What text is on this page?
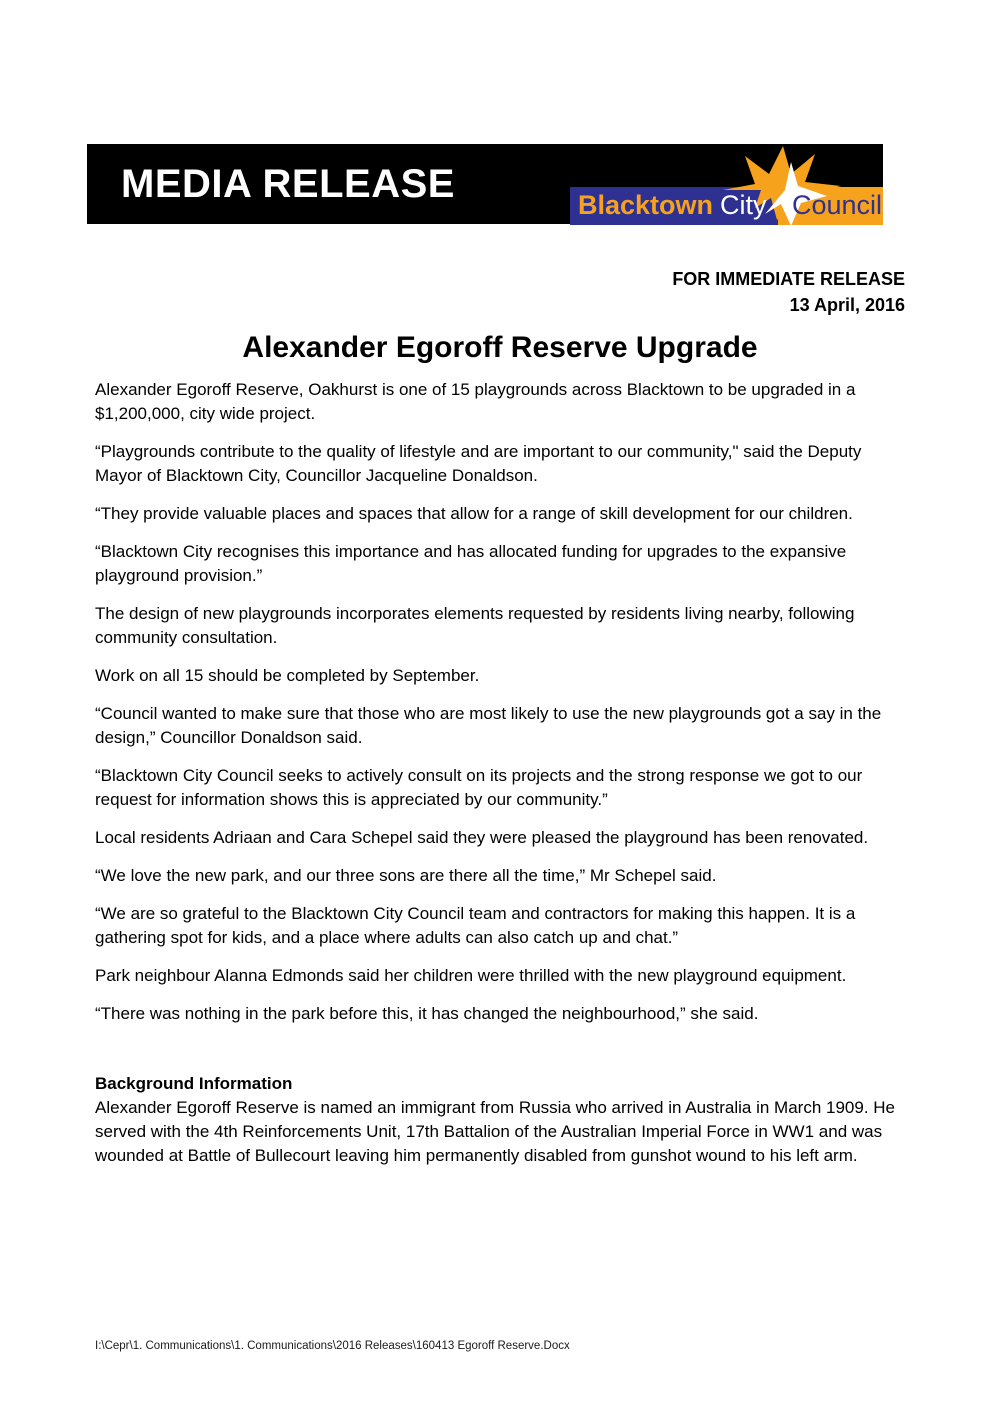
MEDIA RELEASE	Blacktown City Council
FOR IMMEDIATE RELEASE
13 April, 2016
Alexander Egoroff Reserve Upgrade

Alexander Egoroff Reserve, Oakhurst is one of 15 playgrounds across Blacktown to be upgraded in a $1,200,000, city wide project.

“Playgrounds contribute to the quality of lifestyle and are important to our community," said the Deputy Mayor of Blacktown City, Councillor Jacqueline Donaldson.

“They provide valuable places and spaces that allow for a range of skill development for our children.

“Blacktown City recognises this importance and has allocated funding for upgrades to the expansive playground provision.”

The design of new playgrounds incorporates elements requested by residents living nearby, following community consultation.

Work on all 15 should be completed by September.

“Council wanted to make sure that those who are most likely to use the new playgrounds got a say in the design,” Councillor Donaldson said.

“Blacktown City Council seeks to actively consult on its projects and the strong response we got to our request for information shows this is appreciated by our community.”

Local residents Adriaan and Cara Schepel said they were pleased the playground has been renovated.

“We love the new park, and our three sons are there all the time,” Mr Schepel said.

“We are so grateful to the Blacktown City Council team and contractors for making this happen. It is a gathering spot for kids, and a place where adults can also catch up and chat.”

Park neighbour Alanna Edmonds said her children were thrilled with the new playground equipment.

“There was nothing in the park before this, it has changed the neighbourhood,” she said.

Background Information

Alexander Egoroff Reserve is named an immigrant from Russia who arrived in Australia in March 1909. He served with the 4th Reinforcements Unit, 17th Battalion of the Australian Imperial Force in WW1 and was wounded at Battle of Bullecourt leaving him permanently disabled from gunshot wound to his left arm.

I:\Cepr\1. Communications\1. Communications\2016 Releases\160413 Egoroff Reserve.Docx
